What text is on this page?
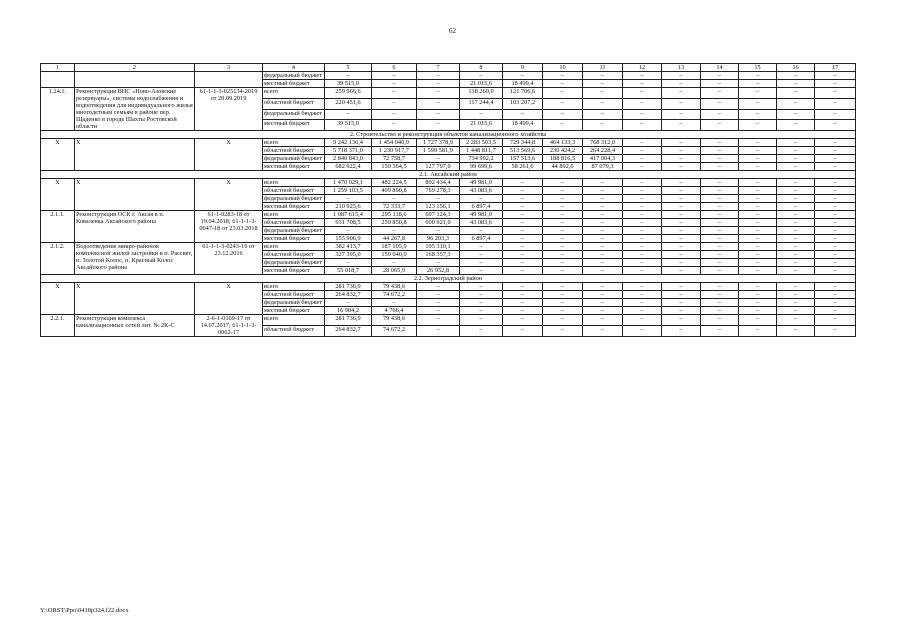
62
1	2	3	4	5	6	7	8	9	10	11	12	13	14	15	16	17
			федеральный бюджет	–	–	–	–	–	–	–	–	–	–	–	–	–
			местный бюджет	39 515,0	–	–	21 015,6	18 499,4	–	–	–	–	–	–	–	–
1.24.1.	Реконструкция ВНС «Ново-Азовские резервуары», системы водоснабжения и водоотведения для индивидуального жилья многодетным семьям в районе пер. Щаденко в городе Шахты Ростовской области	61-1-1-3-025134-2019 от 20.09.2019	всего	259 966,6	–	–	138 260,0	121 706,6	–	–	–	–	–	–	–	–
			областной бюджет	220 451,6	–	–	117 244,4	103 207,2	–	–	–	–	–	–	–	–
			федеральный бюджет	–	–	–	–	–	–	–	–	–	–	–	–	–
			местный бюджет	39 515,0	–	–	21 015,6	18 499,4	–	–	–	–	–	–	–	–
2. Строительство и реконструкция объектов канализационного хозяйства																
Х	Х	Х	всего	9 242 136,4	1 454 040,9	1 727 378,9	2 283 503,5	729 344,8	464 133,3	768 312,0	–	–	–	–	–	–
			областной бюджет	5 718 371,0	1 230 917,7	1 599 581,9	1 448 811,7	513 569,6	230 424,2	264 228,4	–	–	–	–	–	–
			федеральный бюджет	2 840 843,0	72 758,7	–	734 992,2	157 513,6	188 816,5	417 004,3	–	–	–	–	–	–
			местный бюджет	682 922,4	150 364,5	127 797,0	99 699,6	58 261,6	44 892,6	87 079,3	–	–	–	–	–	–
2.1. Аксайский район																
Х	Х	Х	всего	1 470 029,1	482 224,5	892 434,4	49 981,0	–	–	–	–	–	–	–	–	–
			областной бюджет	1 259 103,5	409 890,8	769 278,3	43 083,6	–	–	–	–	–	–	–	–	–
			федеральный бюджет	–	–	–	–	–	–	–	–	–	–	–	–	–
			местный бюджет	210 925,6	72 333,7	123 156,1	6 897,4	–	–	–	–	–	–	–	–	–
2.1.1.	Реконструкция ОСК г. Аксая в п. Ковалевка Аксайского района	61-1-0283-18 от 19.04.2018; 61-1-1-3-0047-18 от 23.03.2018	всего	1 087 615,4	295 118,6	697 124,3	49 981,0	–	–	–	–	–	–	–	–	–
			областной бюджет	931 708,5	250 850,8	600 921,0	43 083,6	–	–	–	–	–	–	–	–	–
			федеральный бюджет	–	–	–	–	–	–	–	–	–	–	–	–	–
			местный бюджет	155 906,9	44 267,8	96 203,3	6 897,4	–	–	–	–	–	–	–	–	–
2.1.2.	Водоотведение микро-районов комплексной жилой застройки в п. Рассвет, п. Золотой Колос, п. Красный Колос Аксайского района	61-1-1-3-0243-16 от 23.12.2016	всего	382 413,7	187 105,9	195 310,1	–	–	–	–	–	–	–	–	–	–
			областной бюджет	327 395,0	159 040,0	168 357,3	–	–	–	–	–	–	–	–	–	–
			федеральный бюджет	–	–	–	–	–	–	–	–	–	–	–	–	–
			местный бюджет	55 018,7	28 065,9	26 952,8	–	–	–	–	–	–	–	–	–	–
2.2. Зерноградский район																
Х	Х	Х	всего	281 736,9	79 438,6	–	–	–	–	–	–	–	–	–	–	–
			областной бюджет	264 832,7	74 672,2	–	–	–	–	–	–	–	–	–	–	–
			федеральный бюджет	–	–	–	–	–	–	–	–	–	–	–	–	–
			местный бюджет	16 904,2	4 766,4	–	–	–	–	–	–	–	–	–	–	–
2.2.1.	Реконструкция комплекса канализационных сетей лит. № 2К-С	2-6-1-0169-17 от 14.07.2017; 61-1-1-3-0062-17	всего	281 736,9	79 438,6	–	–	–	–	–	–	–	–	–	–	–
			областной бюджет	264 832,7	74 672,2	–	–	–	–	–	–	–	–	–	–	–
Y:\ORST\Ppo\0418p324.f22.docx
